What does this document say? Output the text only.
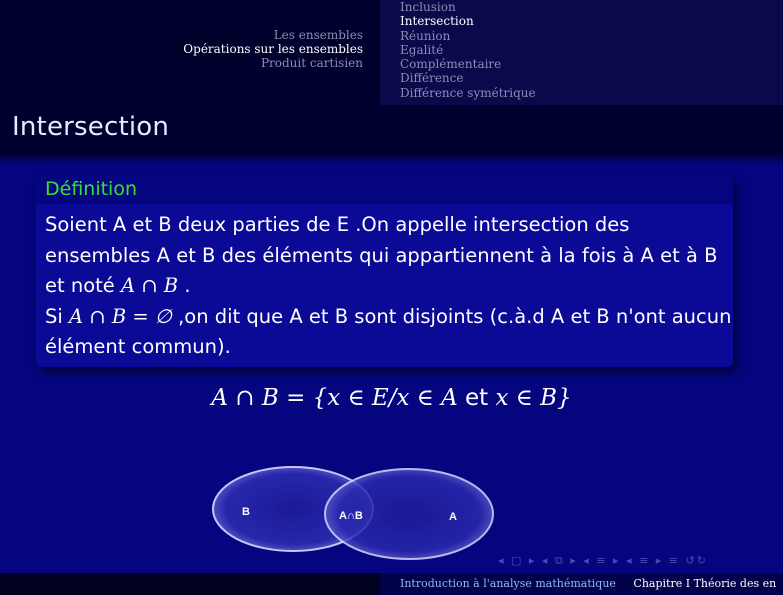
Les ensembles
Opérations sur les ensembles
Produit cartisien
Inclusion
Intersection
Réunion
Egalité
Complémentaire
Différence
Différence symétrique
Intersection
Définition

Soient A et B deux parties de E .On appelle intersection des ensembles A et B des éléments qui appartiennent à la fois à A et à B et noté A ∩ B .

Si A ∩ B = ∅ ,on dit que A et B sont disjoints (c.à.d A et B n'ont aucun élément commun).

A ∩ B = {x ∈ E/x ∈ A et x ∈ B}
B	A∩B	A
◂ ▢ ▸ ◂ ⧉ ▸ ◂ ≡ ▸ ◂ ≡ ▸ ≡ ↺↻
Introduction à l'analyse mathématique Chapitre I Théorie des en
